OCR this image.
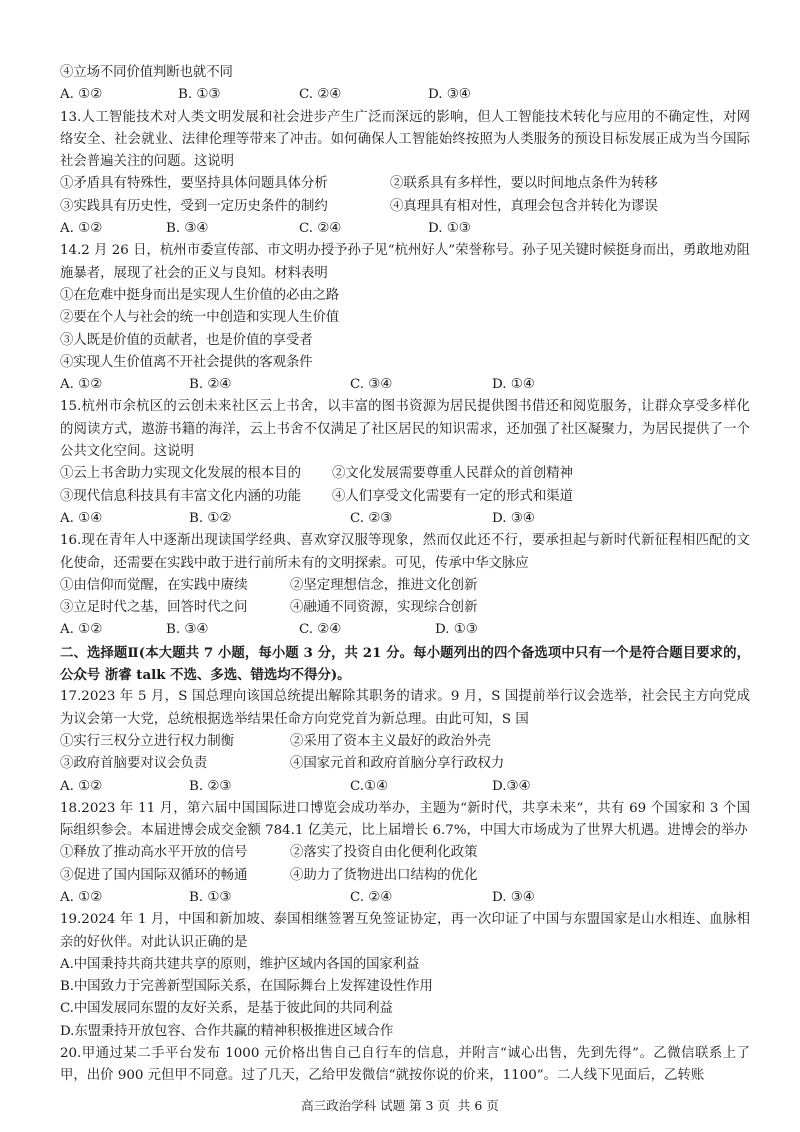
④立场不同价值判断也就不同
A. ①②	B. ①③	C. ②④	D. ③④
13.人工智能技术对人类文明发展和社会进步产生广泛而深远的影响，但人工智能技术转化与应用的不确定性，对网络安全、社会就业、法律伦理等带来了冲击。如何确保人工智能始终按照为人类服务的预设目标发展正成为当今国际社会普遍关注的问题。这说明
①矛盾具有特殊性，要坚持具体问题具体分析	②联系具有多样性，要以时间地点条件为转移
③实践具有历史性，受到一定历史条件的制约	④真理具有相对性，真理会包含并转化为谬误
A. ①②	B. ③④	C. ②④	D. ①③
14.2 月 26 日，杭州市委宣传部、市文明办授予孙子见“杭州好人”荣誉称号。孙子见关键时候挺身而出，勇敢地劝阻施暴者，展现了社会的正义与良知。材料表明
①在危难中挺身而出是实现人生价值的必由之路
②要在个人与社会的统一中创造和实现人生价值
③人既是价值的贡献者，也是价值的享受者
④实现人生价值离不开社会提供的客观条件
A. ①②	B. ②④	C. ③④	D. ①④
15.杭州市余杭区的云创未来社区云上书舍，以丰富的图书资源为居民提供图书借还和阅览服务，让群众享受多样化的阅读方式，遨游书籍的海洋，云上书舍不仅满足了社区居民的知识需求，还加强了社区凝聚力，为居民提供了一个公共文化空间。这说明
①云上书舍助力实现文化发展的根本目的 ②文化发展需要尊重人民群众的首创精神
③现代信息科技具有丰富文化内涵的功能 ④人们享受文化需要有一定的形式和渠道
A. ①④	B. ①②	C. ②③	D. ③④
16.现在青年人中逐渐出现读国学经典、喜欢穿汉服等现象，然而仅此还不行，要承担起与新时代新征程相匹配的文化使命，还需要在实践中敢于进行前所未有的文明探索。可见，传承中华文脉应
①由信仰而觉醒，在实践中赓续	②坚定理想信念，推进文化创新
③立足时代之基，回答时代之问	④融通不同资源，实现综合创新
A. ①②	B. ③④	C. ②④	D. ①③
二、选择题Ⅱ(本大题共 7 小题，每小题 3 分，共 21 分。每小题列出的四个备选项中只有一个是符合题目要求的，公众号 浙睿 talk 不选、多选、错选均不得分)。
17.2023 年 5 月，S 国总理向该国总统提出解除其职务的请求。9 月，S 国提前举行议会选举，社会民主方向党成为议会第一大党，总统根据选举结果任命方向党党首为新总理。由此可知，S 国
①实行三权分立进行权力制衡	②采用了资本主义最好的政治外壳
③政府首脑要对议会负责	④国家元首和政府首脑分享行政权力
A. ①②	B. ②③	C.①④	D.③④
18.2023 年 11 月，第六届中国国际进口博览会成功举办，主题为“新时代，共享未来”，共有 69 个国家和 3 个国际组织参会。本届进博会成交金额 784.1 亿美元，比上届增长 6.7%，中国大市场成为了世界大机遇。进博会的举办
①释放了推动高水平开放的信号	②落实了投资自由化便利化政策
③促进了国内国际双循环的畅通	④助力了货物进出口结构的优化
A. ①②	B. ①③	C. ②④	D. ③④
19.2024 年 1 月，中国和新加坡、泰国相继签署互免签证协定，再一次印证了中国与东盟国家是山水相连、血脉相亲的好伙伴。对此认识正确的是
A.中国秉持共商共建共享的原则，维护区域内各国的国家利益
B.中国致力于完善新型国际关系，在国际舞台上发挥建设性作用
C.中国发展同东盟的友好关系，是基于彼此间的共同利益
D.东盟秉持开放包容、合作共赢的精神积极推进区域合作
20.甲通过某二手平台发布 1000 元价格出售自己自行车的信息，并附言“诚心出售，先到先得”。乙微信联系上了甲，出价 900 元但甲不同意。过了几天，乙给甲发微信“就按你说的价来，1100”。二人线下见面后，乙转账
高三政治学科 试题 第 3 页  共 6 页
